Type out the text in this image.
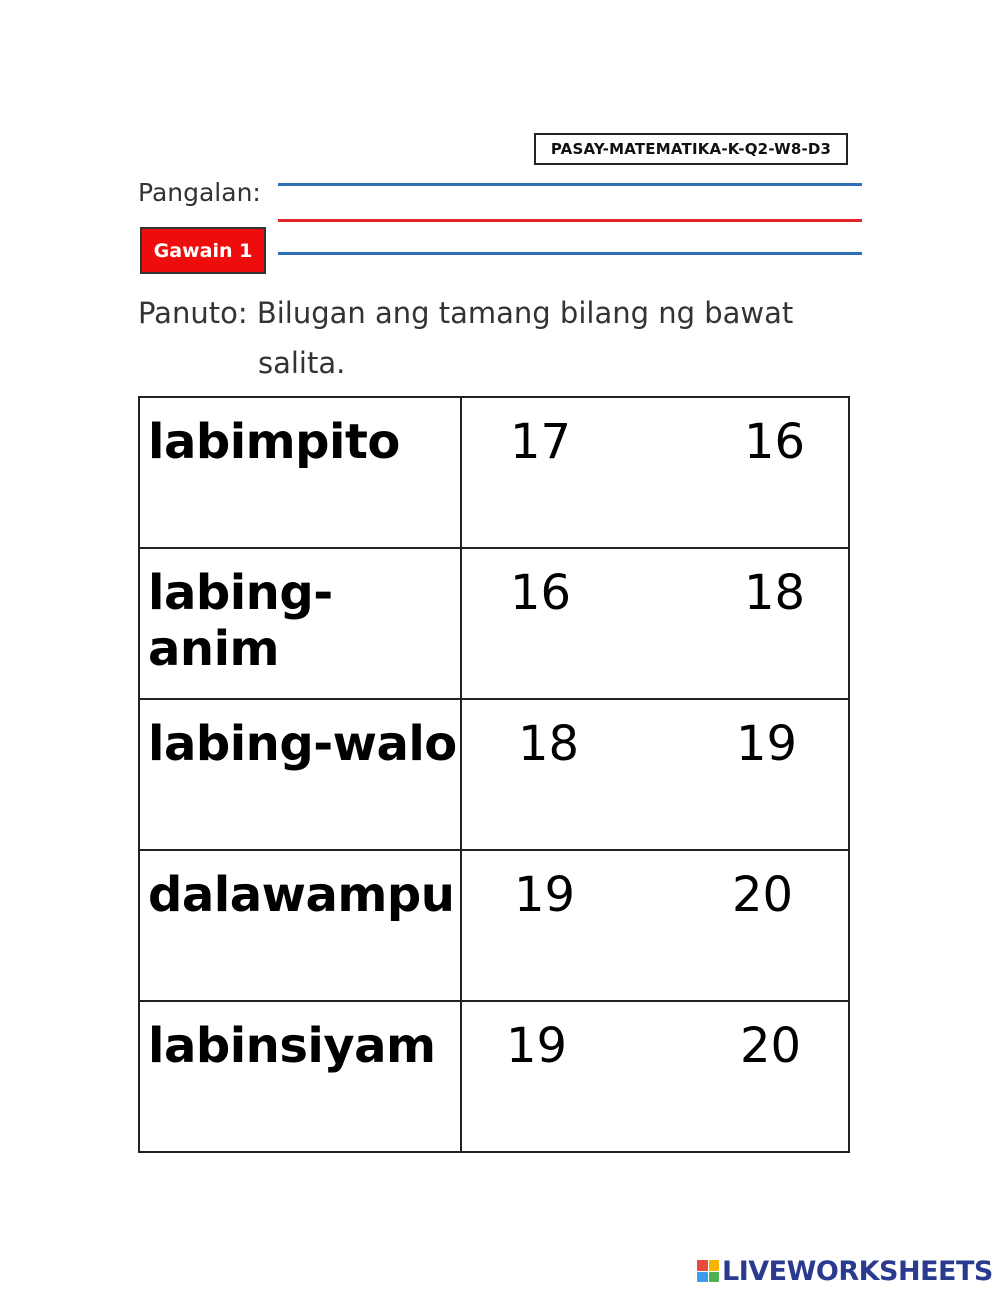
PASAY-MATEMATIKA-K-Q2-W8-D3
Pangalan:
Gawain 1
Panuto: Bilugan ang tamang bilang ng bawat
salita.
labimpito	17 16

labing-anim	16 18

labing-walo	18 19

dalawampu	19 20

labinsiyam	19 20
LIVEWORKSHEETS
